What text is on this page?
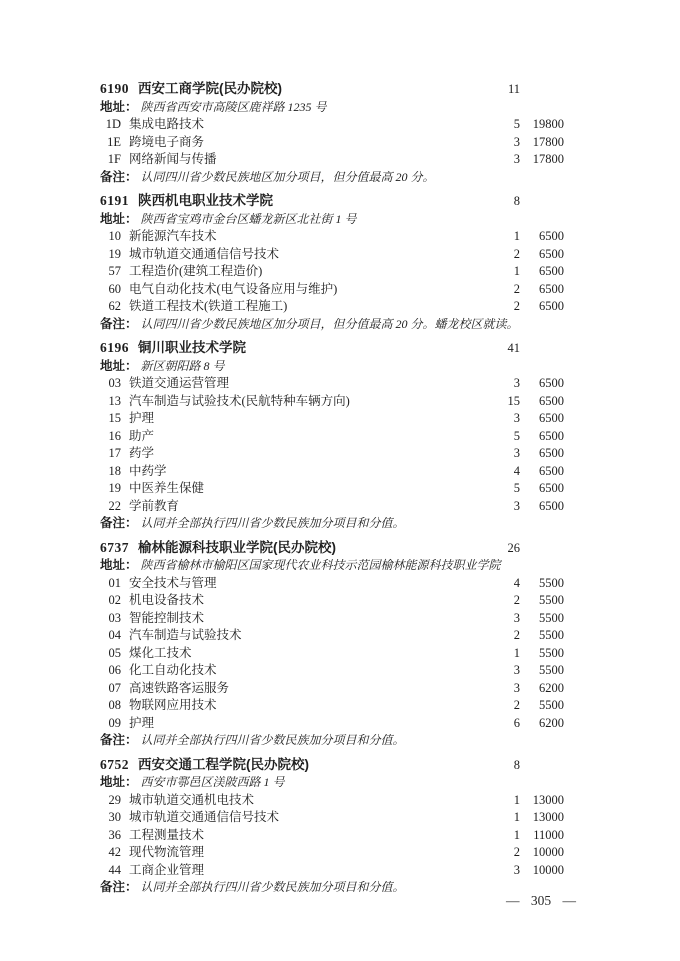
6190 西安工商学院(民办院校)	11
地址： 陕西省西安市高陵区鹿祥路 1235 号
1D 集成电路技术	5	19800
1E 跨境电子商务	3	17800
1F 网络新闻与传播	3	17800
备注： 认同四川省少数民族地区加分项目，但分值最高 20 分。
6191 陕西机电职业技术学院	8
地址： 陕西省宝鸡市金台区蟠龙新区北社街 1 号
10 新能源汽车技术	1	6500
19 城市轨道交通通信信号技术	2	6500
57 工程造价(建筑工程造价)	1	6500
60 电气自动化技术(电气设备应用与维护)	2	6500
62 铁道工程技术(铁道工程施工)	2	6500
备注： 认同四川省少数民族地区加分项目，但分值最高 20 分。蟠龙校区就读。
6196 铜川职业技术学院	41
地址： 新区朝阳路 8 号
03 铁道交通运营管理	3	6500
13 汽车制造与试验技术(民航特种车辆方向)	15	6500
15 护理	3	6500
16 助产	5	6500
17 药学	3	6500
18 中药学	4	6500
19 中医养生保健	5	6500
22 学前教育	3	6500
备注： 认同并全部执行四川省少数民族加分项目和分值。
6737 榆林能源科技职业学院(民办院校)	26
地址： 陕西省榆林市榆阳区国家现代农业科技示范园榆林能源科技职业学院
01 安全技术与管理	4	5500
02 机电设备技术	2	5500
03 智能控制技术	3	5500
04 汽车制造与试验技术	2	5500
05 煤化工技术	1	5500
06 化工自动化技术	3	5500
07 高速铁路客运服务	3	6200
08 物联网应用技术	2	5500
09 护理	6	6200
备注： 认同并全部执行四川省少数民族加分项目和分值。
6752 西安交通工程学院(民办院校)	8
地址： 西安市鄠邑区渼陂西路 1 号
29 城市轨道交通机电技术	1	13000
30 城市轨道交通通信信号技术	1	13000
36 工程测量技术	1	11000
42 现代物流管理	2	10000
44 工商企业管理	3	10000
备注： 认同并全部执行四川省少数民族加分项目和分值。
— 305 —
